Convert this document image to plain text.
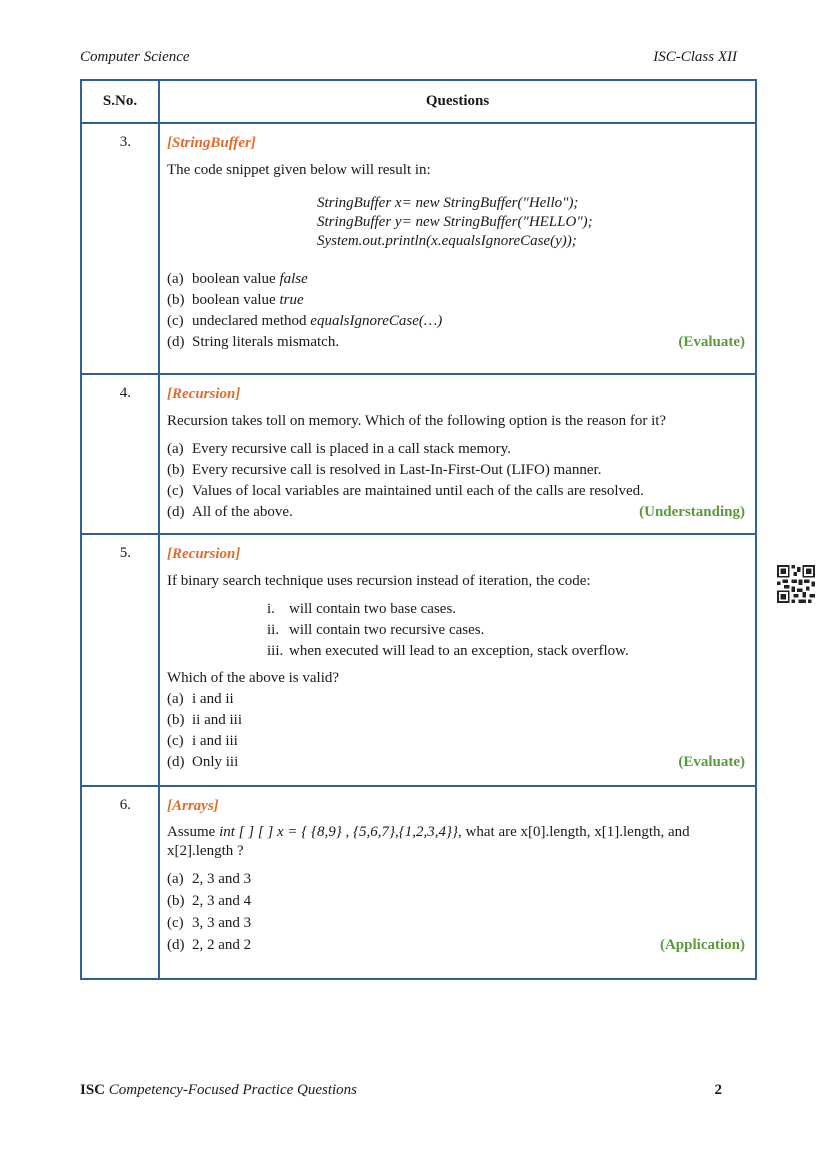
Computer Science	ISC-Class XII
S.No.	Questions
3.	[StringBuffer]
The code snippet given below will result in:
StringBuffer x= new StringBuffer("Hello");
StringBuffer y= new StringBuffer("HELLO");
System.out.println(x.equalsIgnoreCase(y));
(a) boolean value false
(b) boolean value true
(c) undeclared method equalsIgnoreCase(…)
(d) String literals mismatch.	(Evaluate)

4.	[Recursion]
Recursion takes toll on memory. Which of the following option is the reason for it?
(a) Every recursive call is placed in a call stack memory.
(b) Every recursive call is resolved in Last-In-First-Out (LIFO) manner.
(c) Values of local variables are maintained until each of the calls are resolved.
(d) All of the above.	(Understanding)

5.	[Recursion]
If binary search technique uses recursion instead of iteration, the code:
i. will contain two base cases.
ii. will contain two recursive cases.
iii. when executed will lead to an exception, stack overflow.
Which of the above is valid?
(a) i and ii
(b) ii and iii
(c) i and iii
(d) Only iii	(Evaluate)

6.	[Arrays]
Assume int [ ] [ ] x = { {8,9} , {5,6,7},{1,2,3,4}}, what are x[0].length, x[1].length, and x[2].length ?
(a) 2, 3 and 3
(b) 2, 3 and 4
(c) 3, 3 and 3
(d) 2, 2 and 2	(Application)
ISC Competency-Focused Practice Questions	2
